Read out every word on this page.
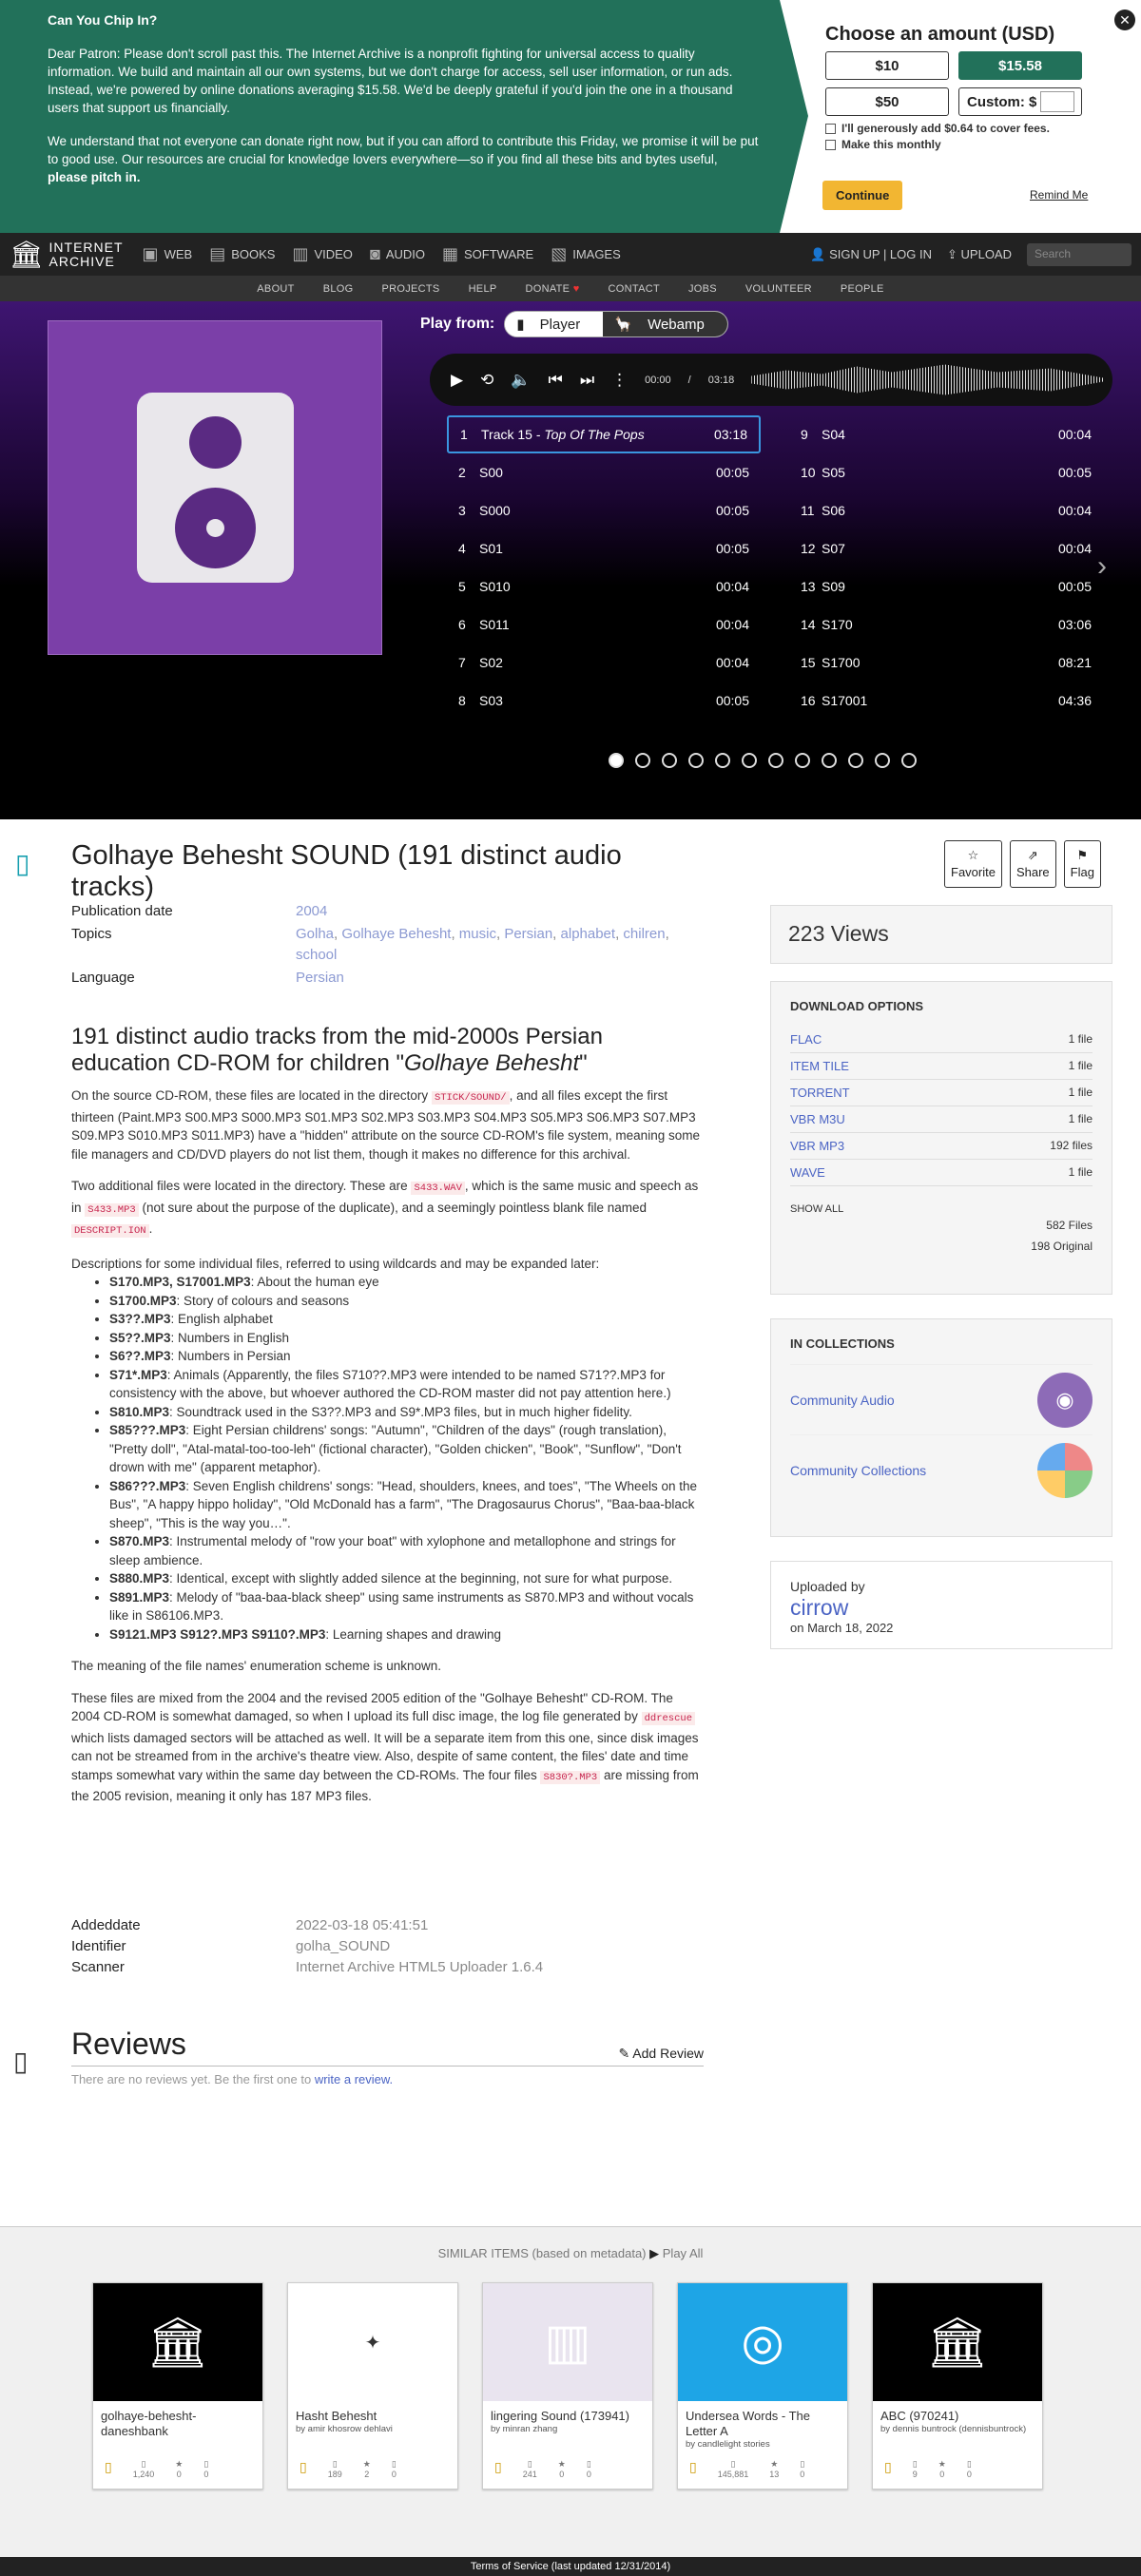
Can You Chip In?

Dear Patron: Please don't scroll past this. The Internet Archive is a nonprofit fighting for universal access to quality information. We build and maintain all our own systems, but we don't charge for access, sell user information, or run ads. Instead, we're powered by online donations averaging $15.58. We'd be deeply grateful if you'd join the one in a thousand users that support us financially.

We understand that not everyone can donate right now, but if you can afford to contribute this Friday, we promise it will be put to good use. Our resources are crucial for knowledge lovers everywhere—so if you find all these bits and bytes useful, please pitch in.

Choose an amount (USD)
$10	$15.58
$50	Custom: $
I'll generously add $0.64 to cover fees.
Make this monthly
Continue	Remind Me
✕
🏛 INTERNET
ARCHIVE	▣ WEB ▤ BOOKS ▥ VIDEO ◙ AUDIO ▦ SOFTWARE ▧ IMAGES	👤 SIGN UP | LOG IN ⇪ UPLOAD	Search
ABOUT	BLOG	PROJECTS	HELP	DONATE ♥	CONTACT	JOBS	VOLUNTEER	PEOPLE
Play from:	▮ Player	🦙 Webamp
▶ ⟲ 🔈 ⏮ ⏭ ⋮ 00:00 / 03:18
1	Track 15 - Top Of The Pops	03:18	9	S04	00:04
2	S00	00:05	10 S05	00:05
3	S000	00:05	11 S06	00:04
4	S01	00:05	12 S07	00:04
5	S010	00:04	13 S09	00:05
6	S011	00:04	14 S170	03:06
7	S02	00:04	15 S1700	08:21
8	S03	00:05	16 S17001	04:36
›
▯ Golhaye Behesht SOUND (191 distinct audio tracks)
☆
Favorite
⇗
Share
⚑
Flag
Publication date	2004
Topics	Golha, Golhaye Behesht, music, Persian, alphabet, chilren, school
Language	Persian
191 distinct audio tracks from the mid-2000s Persian education CD-ROM for children "Golhaye Behesht"

On the source CD-ROM, these files are located in the directory STICK/SOUND/ , and all files except the first thirteen (Paint.MP3 S00.MP3 S000.MP3 S01.MP3 S02.MP3 S03.MP3 S04.MP3 S05.MP3 S06.MP3 S07.MP3 S09.MP3 S010.MP3 S011.MP3) have a "hidden" attribute on the source CD-ROM's file system, meaning some file managers and CD/DVD players do not list them, though it makes no difference for this archival.

Two additional files were located in the directory. These are S433.WAV , which is the same music and speech as in S433.MP3 (not sure about the purpose of the duplicate), and a seemingly pointless blank file named DESCRIPT.ION .

Descriptions for some individual files, referred to using wildcards and may be expanded later:

• S170.MP3, S17001.MP3: About the human eye
• S1700.MP3: Story of colours and seasons
• S3??.MP3: English alphabet
• S5??.MP3: Numbers in English
• S6??.MP3: Numbers in Persian
• S71*.MP3: Animals (Apparently, the files S710??.MP3 were intended to be named S71??.MP3 for consistency with the above, but whoever authored the CD-ROM master did not pay attention here.)
• S810.MP3: Soundtrack used in the S3??.MP3 and S9*.MP3 files, but in much higher fidelity.
• S85???.MP3: Eight Persian childrens' songs: "Autumn", "Children of the days" (rough translation), "Pretty doll", "Atal-matal-too-too-leh" (fictional character), "Golden chicken", "Book", "Sunflow", "Don't drown with me" (apparent metaphor).
• S86???.MP3: Seven English childrens' songs: "Head, shoulders, knees, and toes", "The Wheels on the Bus", "A happy hippo holiday", "Old McDonald has a farm", "The Dragosaurus Chorus", "Baa-baa-black sheep", "This is the way you…".
• S870.MP3: Instrumental melody of "row your boat" with xylophone and metallophone and strings for sleep ambience.
• S880.MP3: Identical, except with slightly added silence at the beginning, not sure for what purpose.
• S891.MP3: Melody of "baa-baa-black sheep" using same instruments as S870.MP3 and without vocals like in S86106.MP3.
• S9121.MP3 S912?.MP3 S9110?.MP3: Learning shapes and drawing

The meaning of the file names' enumeration scheme is unknown.

These files are mixed from the 2004 and the revised 2005 edition of the "Golhaye Behesht" CD-ROM. The 2004 CD-ROM is somewhat damaged, so when I upload its full disc image, the log file generated by ddrescue which lists damaged sectors will be attached as well. It will be a separate item from this one, since disk images can not be streamed from in the archive's theatre view. Also, despite of same content, the files' date and time stamps somewhat vary within the same day between the CD-ROMs. The four files S830?.MP3 are missing from the 2005 revision, meaning it only has 187 MP3 files.

Addeddate	2022-03-18 05:41:51
Identifier	golha_SOUND
Scanner	Internet Archive HTML5 Uploader 1.6.4
223 Views
DOWNLOAD OPTIONS
FLAC	1 file
ITEM TILE	1 file
TORRENT	1 file
VBR M3U	1 file
VBR MP3	192 files
WAVE	1 file
SHOW ALL
582 Files
198 Original
IN COLLECTIONS
Community Audio	◉
Community Collections
Uploaded by
cirrow
on March 18, 2022
▯
Reviews	✎ Add Review
There are no reviews yet. Be the first one to write a review.
SIMILAR ITEMS (based on metadata) ▶ Play All
🏛
golhaye-behesht-daneshbank
▯	▯
1,240
★
0
▯
0
✦
Hasht Behesht
by amir khosrow dehlavi
▯	▯
189
★
2
▯
0
▥
lingering Sound (173941)
by minran zhang
▯	▯
241
★
0
▯
0
◎
Undersea Words - The Letter A
by candlelight stories
▯	▯
145,881
★
13
▯
0
🏛
ABC (970241)
by dennis buntrock (dennisbuntrock)
▯ ▯
9
★
0
▯
0
Terms of Service (last updated 12/31/2014)
